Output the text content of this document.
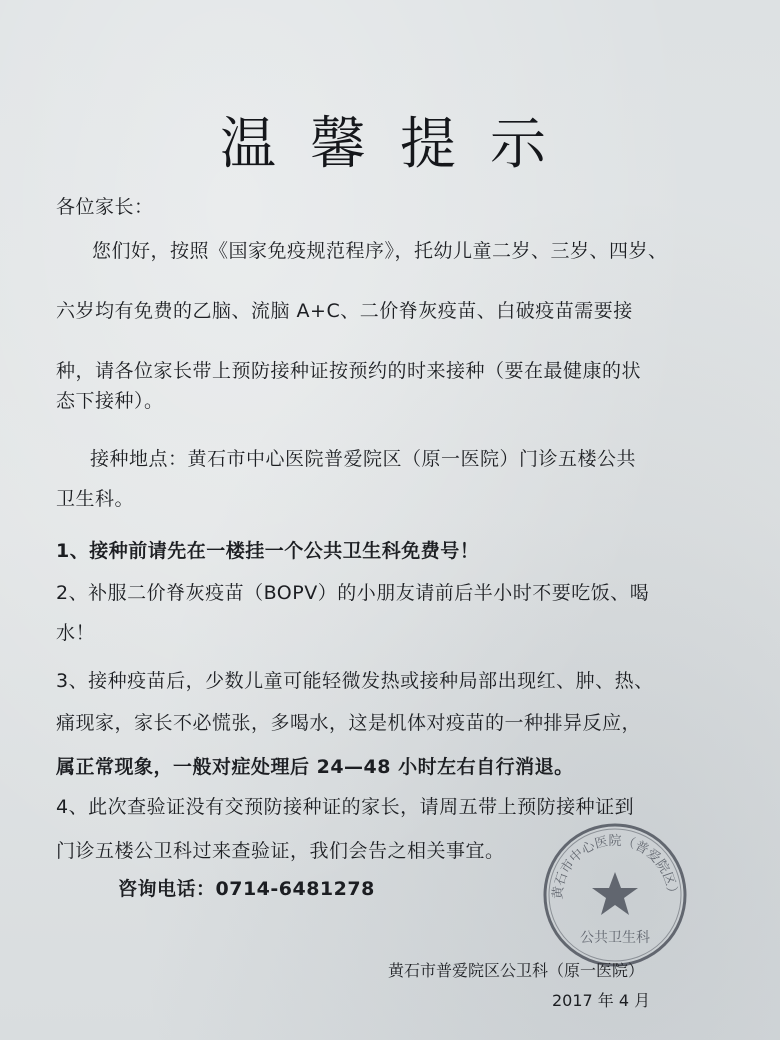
温馨提示
各位家长：
您们好，按照《国家免疫规范程序》，托幼儿童二岁、三岁、四岁、
六岁均有免费的乙脑、流脑 A+C、二价脊灰疫苗、白破疫苗需要接
种，请各位家长带上预防接种证按预约的时来接种（要在最健康的状
态下接种）。
接种地点：黄石市中心医院普爱院区（原一医院）门诊五楼公共
卫生科。
1、接种前请先在一楼挂一个公共卫生科免费号！
2、补服二价脊灰疫苗（BOPV）的小朋友请前后半小时不要吃饭、喝
水！
3、接种疫苗后，少数儿童可能轻微发热或接种局部出现红、肿、热、
痛现家，家长不必慌张，多喝水，这是机体对疫苗的一种排异反应，
属正常现象，一般对症处理后 24—48 小时左右自行消退。
4、此次查验证没有交预防接种证的家长，请周五带上预防接种证到
门诊五楼公卫科过来查验证，我们会告之相关事宜。
咨询电话：0714-6481278	黄石市中心医院（普爱院区）
公共卫生科
黄石市普爱院区公卫科（原一医院）
2017 年 4 月
